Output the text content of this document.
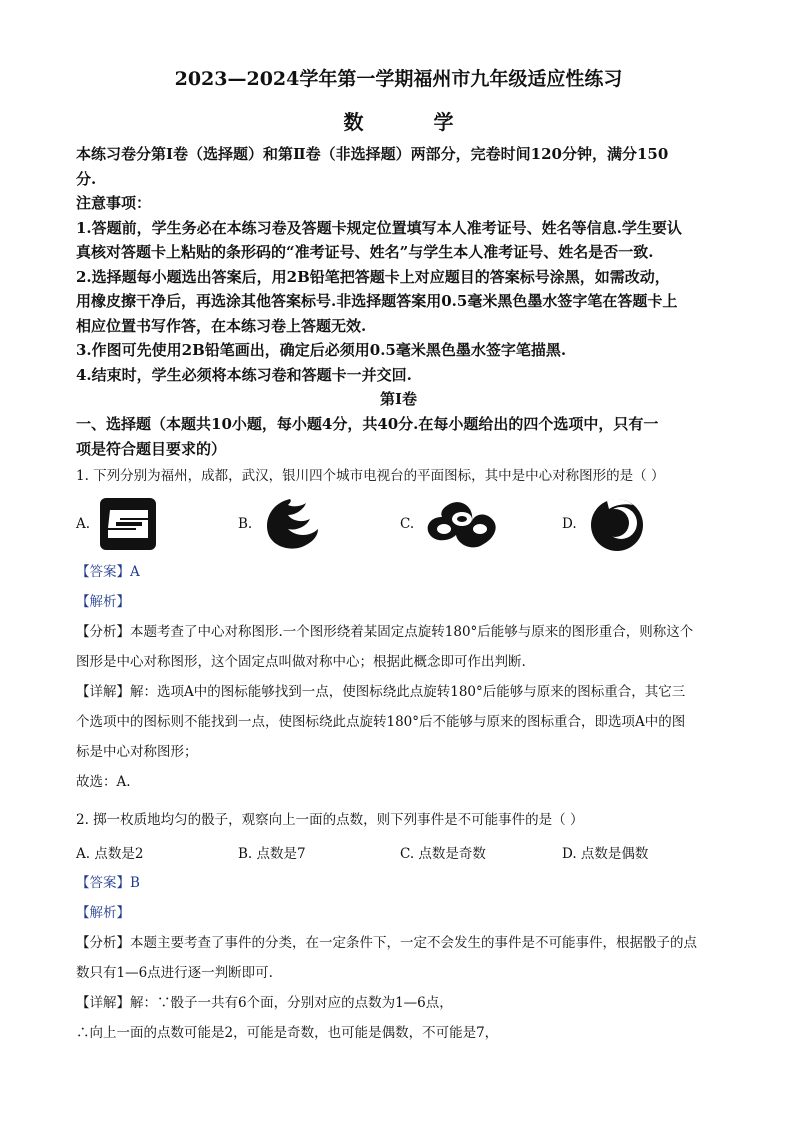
2023—2024学年第一学期福州市九年级适应性练习
数学
本练习卷分第Ⅰ卷（选择题）和第Ⅱ卷（非选择题）两部分，完卷时间120分钟，满分150
分.
注意事项：
1.答题前，学生务必在本练习卷及答题卡规定位置填写本人准考证号、姓名等信息.学生要认
真核对答题卡上粘贴的条形码的“准考证号、姓名”与学生本人准考证号、姓名是否一致.
2.选择题每小题选出答案后，用2B铅笔把答题卡上对应题目的答案标号涂黑，如需改动，
用橡皮擦干净后，再选涂其他答案标号.非选择题答案用0.5毫米黑色墨水签字笔在答题卡上
相应位置书写作答，在本练习卷上答题无效.
3.作图可先使用2B铅笔画出，确定后必须用0.5毫米黑色墨水签字笔描黑.
4.结束时，学生必须将本练习卷和答题卡一并交回.
第Ⅰ卷
一、选择题（本题共10小题，每小题4分，共40分.在每小题给出的四个选项中，只有一
项是符合题目要求的）
1. 下列分别为福州，成都，武汉，银川四个城市电视台的平面图标，其中是中心对称图形的是（ ）
A.	B.	C.	D.
【答案】A
【解析】
【分析】本题考查了中心对称图形.一个图形绕着某固定点旋转180°后能够与原来的图形重合，则称这个
图形是中心对称图形，这个固定点叫做对称中心；根据此概念即可作出判断.
【详解】解：选项A中的图标能够找到一点，使图标绕此点旋转180°后能够与原来的图标重合，其它三
个选项中的图标则不能找到一点，使图标绕此点旋转180°后不能够与原来的图标重合，即选项A中的图
标是中心对称图形；
故选：A.
2. 掷一枚质地均匀的骰子，观察向上一面的点数，则下列事件是不可能事件的是（ ）
A. 点数是2	B. 点数是7	C. 点数是奇数	D. 点数是偶数
【答案】B
【解析】
【分析】本题主要考查了事件的分类，在一定条件下，一定不会发生的事件是不可能事件，根据骰子的点
数只有1—6点进行逐一判断即可.
【详解】解：∵骰子一共有6个面，分别对应的点数为1—6点，
∴向上一面的点数可能是2，可能是奇数，也可能是偶数，不可能是7，
